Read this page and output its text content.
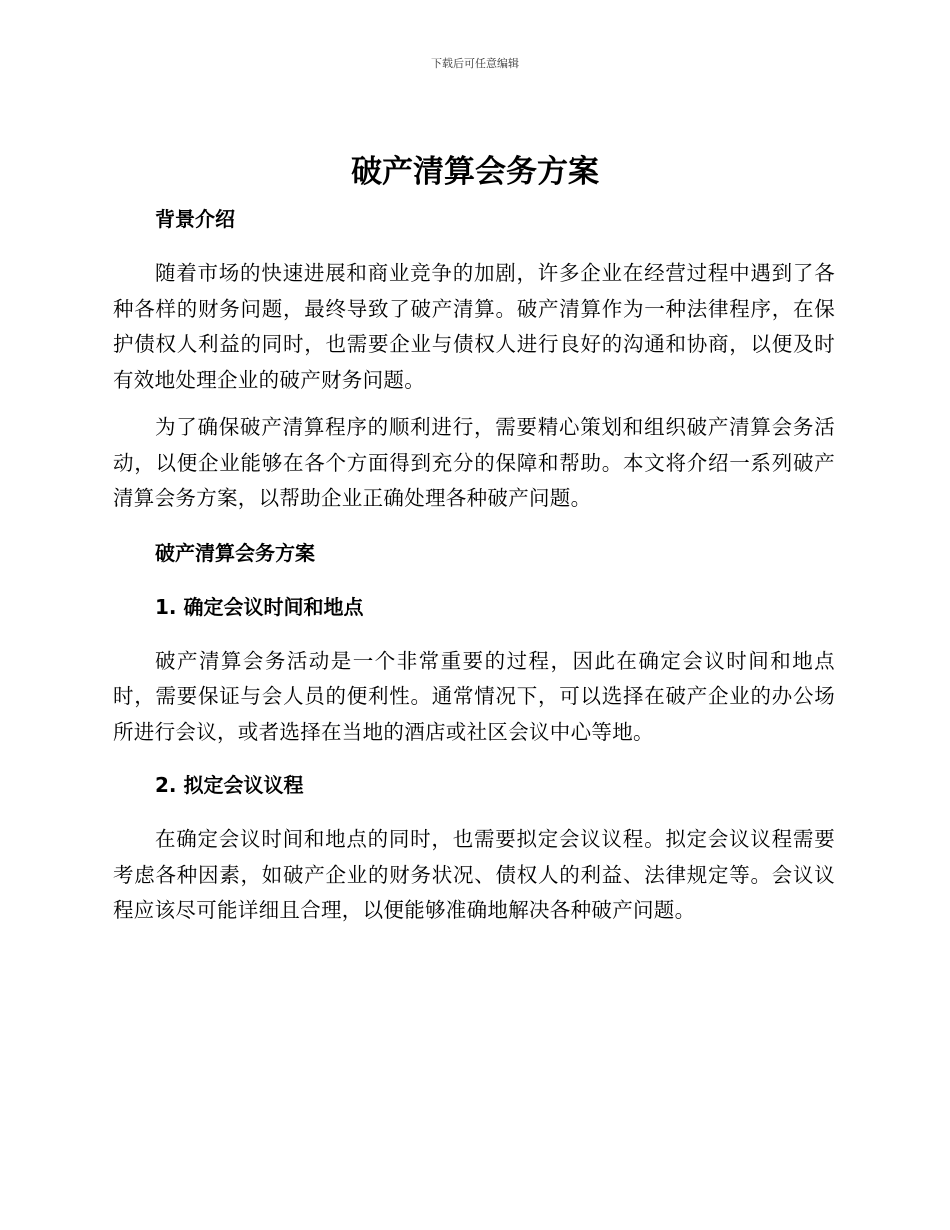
下载后可任意编辑
破产清算会务方案
背景介绍

随着市场的快速进展和商业竞争的加剧，许多企业在经营过程中遇到了各种各样的财务问题，最终导致了破产清算。破产清算作为一种法律程序，在保护债权人利益的同时，也需要企业与债权人进行良好的沟通和协商，以便及时有效地处理企业的破产财务问题。

为了确保破产清算程序的顺利进行，需要精心策划和组织破产清算会务活动，以便企业能够在各个方面得到充分的保障和帮助。本文将介绍一系列破产清算会务方案，以帮助企业正确处理各种破产问题。

破产清算会务方案
1. 确定会议时间和地点

破产清算会务活动是一个非常重要的过程，因此在确定会议时间和地点时，需要保证与会人员的便利性。通常情况下，可以选择在破产企业的办公场所进行会议，或者选择在当地的酒店或社区会议中心等地。

2. 拟定会议议程

在确定会议时间和地点的同时，也需要拟定会议议程。拟定会议议程需要考虑各种因素，如破产企业的财务状况、债权人的利益、法律规定等。会议议程应该尽可能详细且合理，以便能够准确地解决各种破产问题。
